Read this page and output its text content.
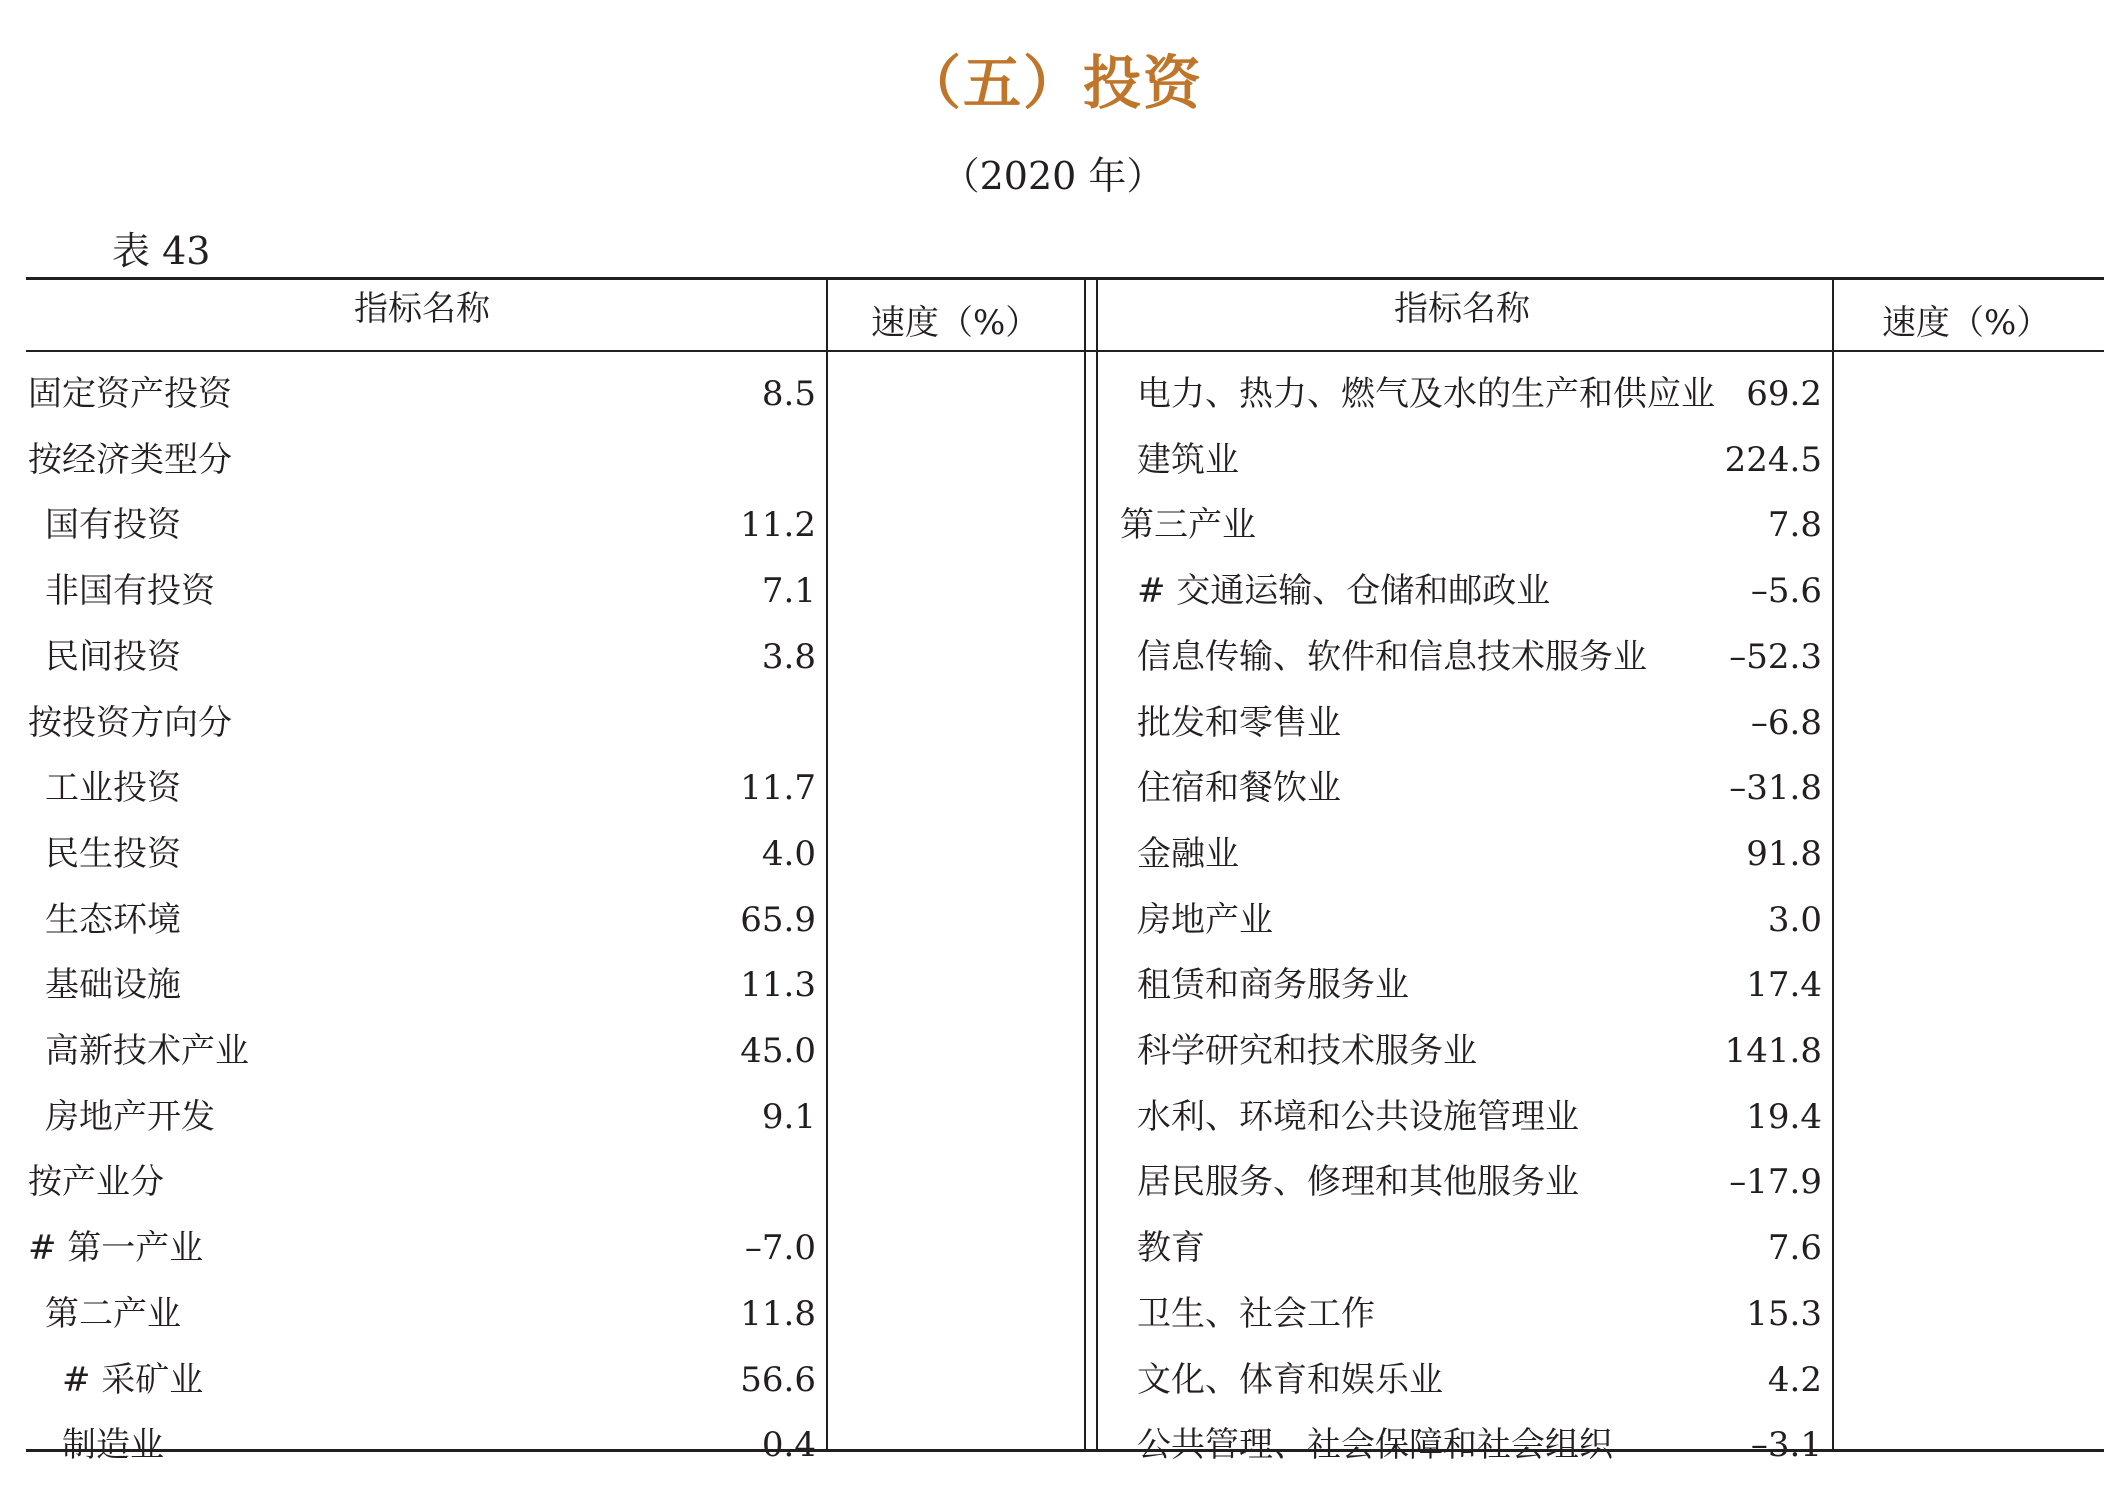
（五）投资
（2020 年）
表 43
指标名称	速度（%）	指标名称	速度（%）
固定资产投资	8.5
按经济类型分
国有投资	11.2
非国有投资	7.1
民间投资	3.8
按投资方向分
工业投资	11.7
民生投资	4.0
生态环境	65.9
基础设施	11.3
高新技术产业	45.0
房地产开发	9.1
按产业分
# 第一产业	–7.0
第二产业	11.8
# 采矿业	56.6
制造业	0.4
电力、热力、燃气及水的生产和供应业 69.2
建筑业	224.5
第三产业	7.8
# 交通运输、仓储和邮政业	–5.6
信息传输、软件和信息技术服务业	–52.3
批发和零售业	–6.8
住宿和餐饮业	–31.8
金融业	91.8
房地产业	3.0
租赁和商务服务业	17.4
科学研究和技术服务业	141.8
水利、环境和公共设施管理业	19.4
居民服务、修理和其他服务业	–17.9
教育	7.6
卫生、社会工作	15.3
文化、体育和娱乐业	4.2
公共管理、社会保障和社会组织	–3.1
